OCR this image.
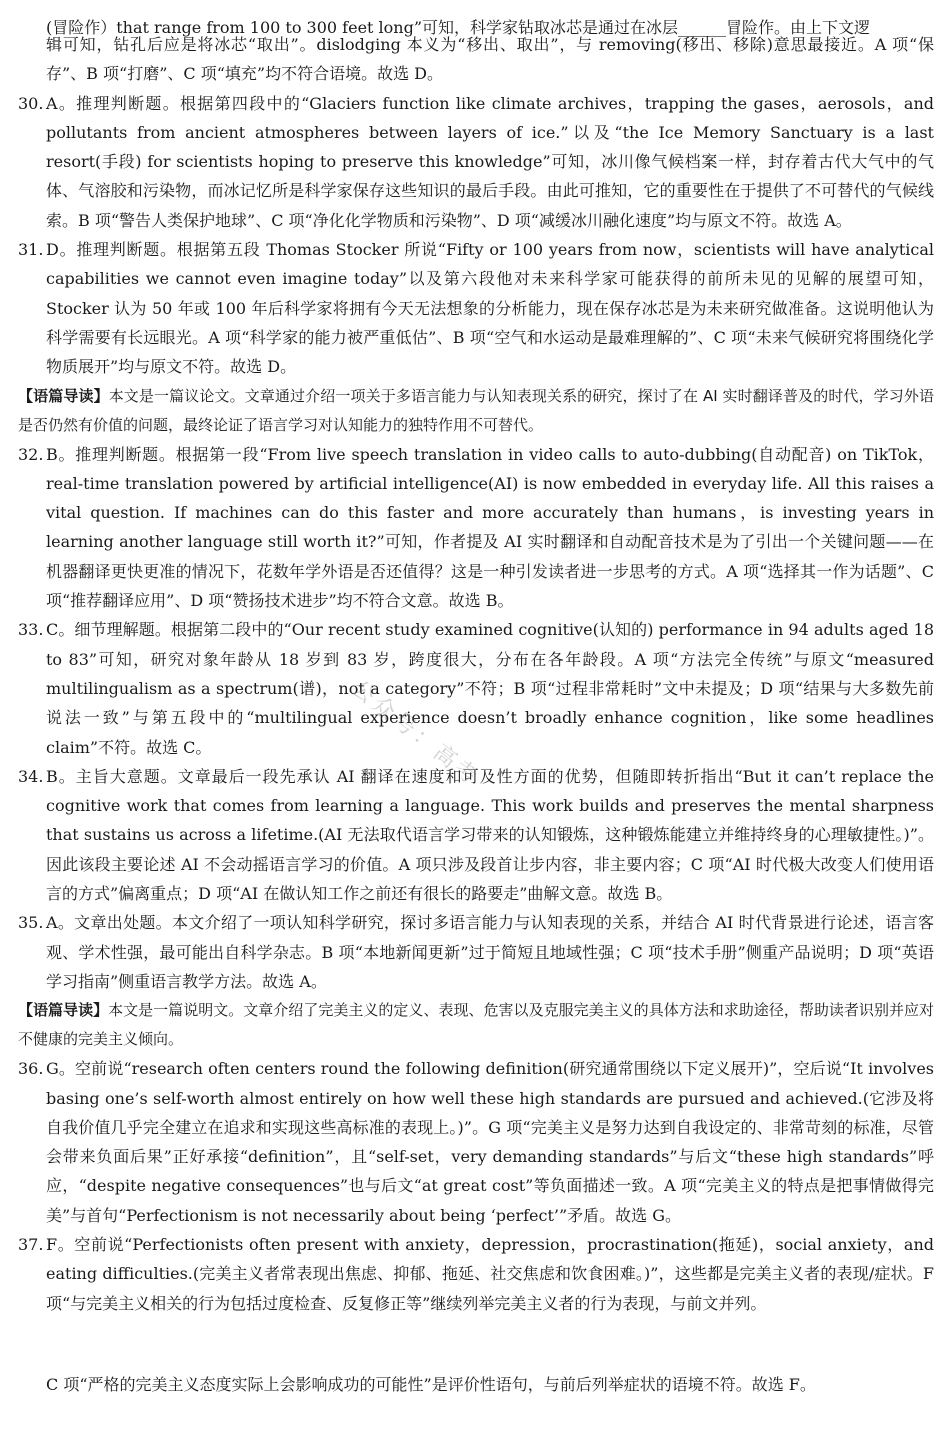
(冒险作）that range from 100 to 300 feet long”可知，科学家钻取冰芯是通过在冰层______冒险作。由上下文逻
辑可知，钻孔后应是将冰芯“取出”。dislodging 本义为“移出、取出”，与 removing(移出、移除)意思最接近。A 项“保存”、B 项“打磨”、C 项“填充”均不符合语境。故选 D。
30. A。推理判断题。根据第四段中的“Glaciers function like climate archives，trapping the gases，aerosols，and pollutants from ancient atmospheres between layers of ice.”以及“the Ice Memory Sanctuary is a last resort(手段) for scientists hoping to preserve this knowledge”可知，冰川像气候档案一样，封存着古代大气中的气体、气溶胶和污染物，而冰记忆所是科学家保存这些知识的最后手段。由此可推知，它的重要性在于提供了不可替代的气候线索。B 项“警告人类保护地球”、C 项“净化化学物质和污染物”、D 项“减缓冰川融化速度”均与原文不符。故选 A。
31. D。推理判断题。根据第五段 Thomas Stocker 所说“Fifty or 100 years from now，scientists will have analytical capabilities we cannot even imagine today”以及第六段他对未来科学家可能获得的前所未见的见解的展望可知，Stocker 认为 50 年或 100 年后科学家将拥有今天无法想象的分析能力，现在保存冰芯是为未来研究做准备。这说明他认为科学需要有长远眼光。A 项“科学家的能力被严重低估”、B 项“空气和水运动是最难理解的”、C 项“未来气候研究将围绕化学物质展开”均与原文不符。故选 D。
【语篇导读】本文是一篇议论文。文章通过介绍一项关于多语言能力与认知表现关系的研究，探讨了在 AI 实时翻译普及的时代，学习外语是否仍然有价值的问题，最终论证了语言学习对认知能力的独特作用不可替代。
32. B。推理判断题。根据第一段“From live speech translation in video calls to auto-dubbing(自动配音) on TikTok，real-time translation powered by artificial intelligence(AI) is now embedded in everyday life. All this raises a vital question. If machines can do this faster and more accurately than humans，is investing years in learning another language still worth it?”可知，作者提及 AI 实时翻译和自动配音技术是为了引出一个关键问题——在机器翻译更快更准的情况下，花数年学外语是否还值得？这是一种引发读者进一步思考的方式。A 项“选择其一作为话题”、C 项“推荐翻译应用”、D 项“赞扬技术进步”均不符合文意。故选 B。
33. C。细节理解题。根据第二段中的“Our recent study examined cognitive(认知的) performance in 94 adults aged 18 to 83”可知，研究对象年龄从 18 岁到 83 岁，跨度很大，分布在各年龄段。A 项“方法完全传统”与原文“measured multilingualism as a spectrum(谱)，not a category”不符；B 项“过程非常耗时”文中未提及；D 项“结果与大多数先前说法一致”与第五段中的“multilingual experience doesn’t broadly enhance cognition，like some headlines claim”不符。故选 C。
34. B。主旨大意题。文章最后一段先承认 AI 翻译在速度和可及性方面的优势，但随即转折指出“But it can’t replace the cognitive work that comes from learning a language. This work builds and preserves the mental sharpness that sustains us across a lifetime.(AI 无法取代语言学习带来的认知锻炼，这种锻炼能建立并维持终身的心理敏捷性。)”。因此该段主要论述 AI 不会动摇语言学习的价值。A 项只涉及段首让步内容，非主要内容；C 项“AI 时代极大改变人们使用语言的方式”偏离重点；D 项“AI 在做认知工作之前还有很长的路要走”曲解文意。故选 B。
35. A。文章出处题。本文介绍了一项认知科学研究，探讨多语言能力与认知表现的关系，并结合 AI 时代背景进行论述，语言客观、学术性强，最可能出自科学杂志。B 项“本地新闻更新”过于简短且地域性强；C 项“技术手册”侧重产品说明；D 项“英语学习指南”侧重语言教学方法。故选 A。
【语篇导读】本文是一篇说明文。文章介绍了完美主义的定义、表现、危害以及克服完美主义的具体方法和求助途径，帮助读者识别并应对不健康的完美主义倾向。
36. G。空前说“research often centers round the following definition(研究通常围绕以下定义展开)”，空后说“It involves basing one’s self-worth almost entirely on how well these high standards are pursued and achieved.(它涉及将自我价值几乎完全建立在追求和实现这些高标准的表现上。)”。G 项“完美主义是努力达到自我设定的、非常苛刻的标准，尽管会带来负面后果”正好承接“definition”，且“self-set，very demanding standards”与后文“these high standards”呼应，“despite negative consequences”也与后文“at great cost”等负面描述一致。A 项“完美主义的特点是把事情做得完美”与首句“Perfectionism is not necessarily about being ‘perfect’”矛盾。故选 G。
37. F。空前说“Perfectionists often present with anxiety，depression，procrastination(拖延)，social anxiety，and eating difficulties.(完美主义者常表现出焦虑、抑郁、拖延、社交焦虑和饮食困难。)”，这些都是完美主义者的表现/症状。F 项“与完美主义相关的行为包括过度检查、反复修正等”继续列举完美主义者的行为表现，与前文并列。
C 项“严格的完美主义态度实际上会影响成功的可能性”是评价性语句，与前后列举症状的语境不符。故选 F。
公众号：高考
